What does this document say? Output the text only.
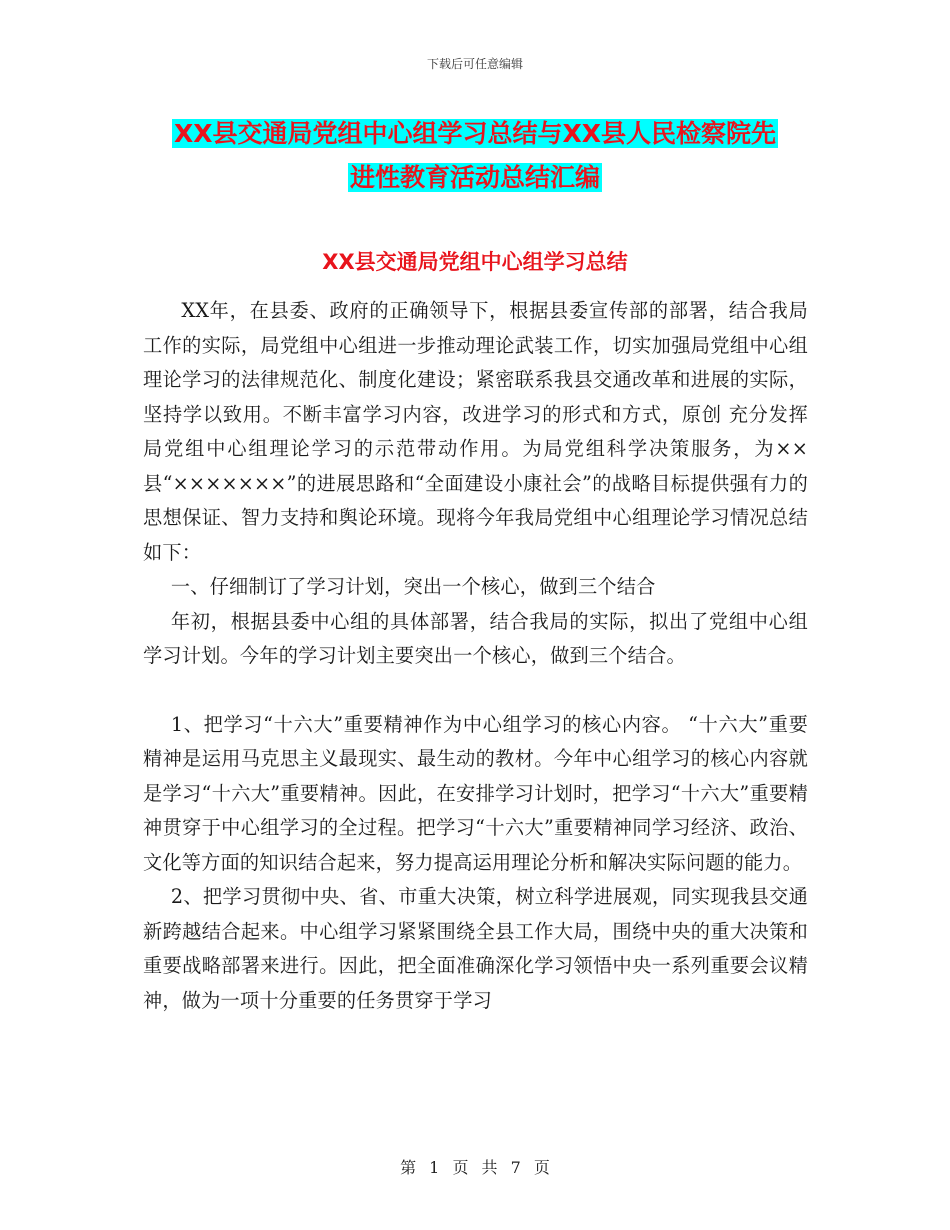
下载后可任意编辑
XX县交通局党组中心组学习总结与XX县人民检察院先
进性教育活动总结汇编
XX县交通局党组中心组学习总结

XX年，在县委、政府的正确领导下，根据县委宣传部的部署，结合我局工作的实际，局党组中心组进一步推动理论武装工作，切实加强局党组中心组理论学习的法律规范化、制度化建设；紧密联系我县交通改革和进展的实际，坚持学以致用。不断丰富学习内容，改进学习的形式和方式，原创 充分发挥局党组中心组理论学习的示范带动作用。为局党组科学决策服务，为××县“×××××××”的进展思路和“全面建设小康社会”的战略目标提供强有力的思想保证、智力支持和舆论环境。现将今年我局党组中心组理论学习情况总结如下：

一、仔细制订了学习计划，突出一个核心，做到三个结合

年初，根据县委中心组的具体部署，结合我局的实际，拟出了党组中心组学习计划。今年的学习计划主要突出一个核心，做到三个结合。

1、把学习“十六大”重要精神作为中心组学习的核心内容。 “十六大”重要精神是运用马克思主义最现实、最生动的教材。今年中心组学习的核心内容就是学习“十六大”重要精神。因此，在安排学习计划时，把学习“十六大”重要精神贯穿于中心组学习的全过程。把学习“十六大”重要精神同学习经济、政治、文化等方面的知识结合起来，努力提高运用理论分析和解决实际问题的能力。

2、把学习贯彻中央、省、市重大决策，树立科学进展观，同实现我县交通新跨越结合起来。中心组学习紧紧围绕全县工作大局，围绕中央的重大决策和重要战略部署来进行。因此，把全面准确深化学习领悟中央一系列重要会议精神，做为一项十分重要的任务贯穿于学习

第 1 页 共 7 页
